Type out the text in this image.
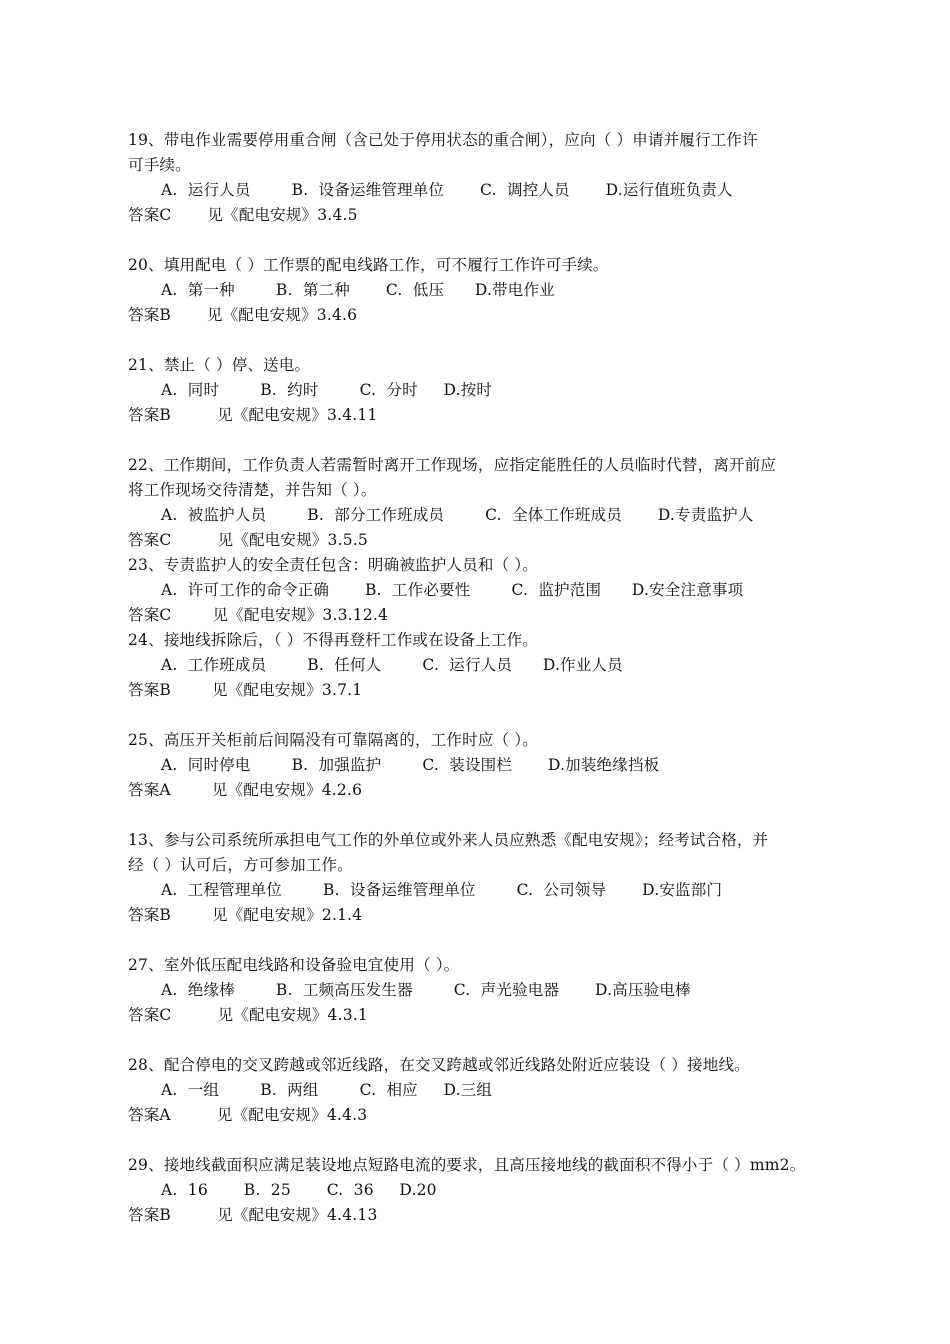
19、带电作业需要停用重合闸（含已处于停用状态的重合闸），应向（ ）申请并履行工作许
可手续。
A.  运行人员        B.  设备运维管理单位       C.  调控人员       D.运行值班负责人
答案C       见《配电安规》3.4.5
20、填用配电（ ）工作票的配电线路工作，可不履行工作许可手续。
A.  第一种        B.  第二种       C.  低压      D.带电作业
答案B       见《配电安规》3.4.6
21、禁止（ ）停、送电。
A.  同时        B.  约时        C.  分时     D.按时
答案B         见《配电安规》3.4.11
22、工作期间，工作负责人若需暂时离开工作现场，应指定能胜任的人员临时代替，离开前应
将工作现场交待清楚，并告知（ ）。
A.  被监护人员        B.  部分工作班成员        C.  全体工作班成员       D.专责监护人
答案C         见《配电安规》3.5.5
23、专责监护人的安全责任包含：明确被监护人员和（ ）。
A.  许可工作的命令正确       B.  工作必要性        C.  监护范围      D.安全注意事项
答案C        见《配电安规》3.3.12.4
24、接地线拆除后，（ ）不得再登杆工作或在设备上工作。
A.  工作班成员        B.  任何人        C.  运行人员      D.作业人员
答案B        见《配电安规》3.7.1
25、高压开关柜前后间隔没有可靠隔离的，工作时应（ ）。
A.  同时停电        B.  加强监护        C.  装设围栏       D.加装绝缘挡板
答案A        见《配电安规》4.2.6
13、参与公司系统所承担电气工作的外单位或外来人员应熟悉《配电安规》；经考试合格，并
经（ ）认可后，方可参加工作。
A.  工程管理单位        B.  设备运维管理单位        C.  公司领导       D.安监部门
答案B        见《配电安规》2.1.4
27、室外低压配电线路和设备验电宜使用（ ）。
A.  绝缘棒        B.  工频高压发生器        C.  声光验电器       D.高压验电棒
答案C         见《配电安规》4.3.1
28、配合停电的交叉跨越或邻近线路，在交叉跨越或邻近线路处附近应装设（ ）接地线。
A.  一组        B.  两组        C.  相应     D.三组
答案A         见《配电安规》4.4.3
29、接地线截面积应满足装设地点短路电流的要求，且高压接地线的截面积不得小于（ ）mm2。
A.  16       B.  25       C.  36     D.20
答案B         见《配电安规》4.4.13
